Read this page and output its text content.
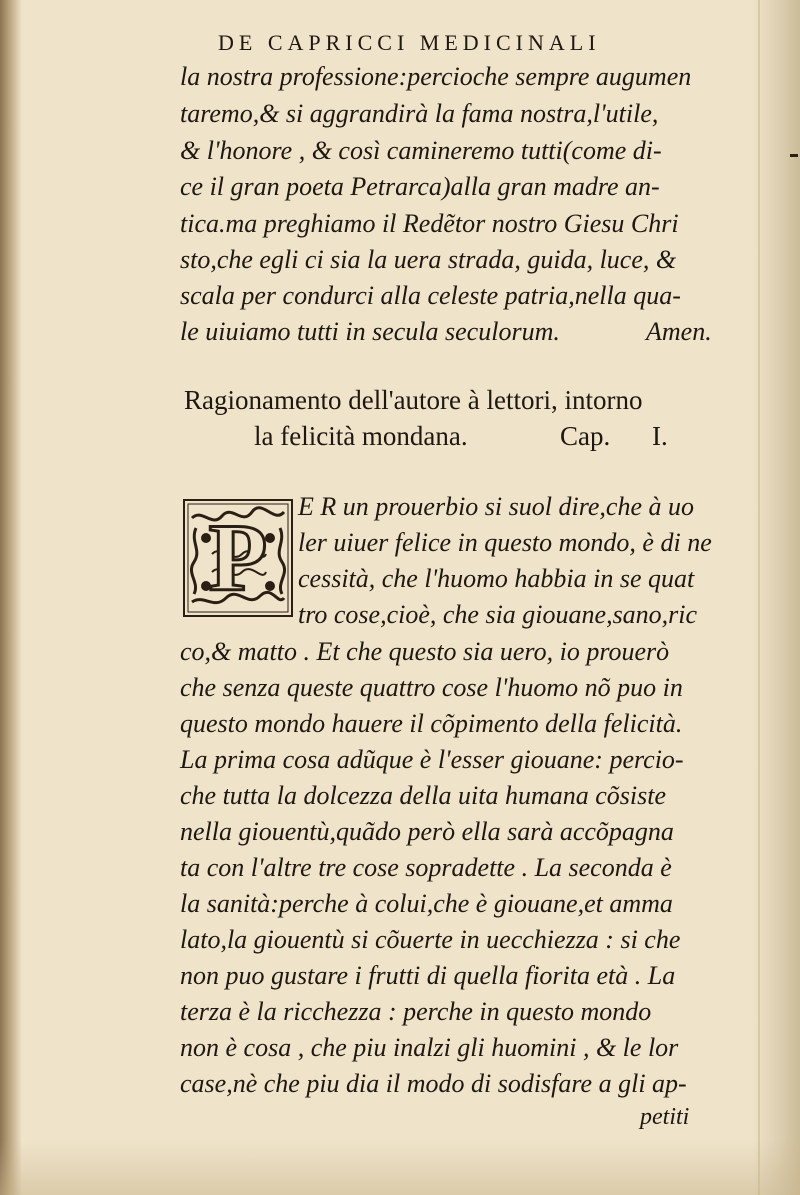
DE CAPRICCI MEDICINALI
la nostra professione:percioche sempre augumen
taremo,& si aggrandirà la fama nostra,l'utile,
& l'honore , & così camineremo tutti(come di-
ce il gran poeta Petrarca)alla gran madre an-
tica.ma preghiamo il Redẽtor nostro Giesu Chri
sto,che egli ci sia la uera strada, guida, luce, &
scala per condurci alla celeste patria,nella qua-
le uiuiamo tutti in secula seculorum.	Amen.
Ragionamento dell'autore à lettori, intorno
la felicità mondana.	Cap. I.
P E R un prouerbio si suol dire,che à uo
ler uiuer felice in questo mondo, è di ne
cessità, che l'huomo habbia in se quat
tro cose,cioè, che sia giouane,sano,ric
co,& matto . Et che questo sia uero, io prouerò
che senza queste quattro cose l'huomo nõ puo in
questo mondo hauere il cõpimento della felicità.
La prima cosa adũque è l'esser giouane: percio-
che tutta la dolcezza della uita humana cõsiste
nella giouentù,quãdo però ella sarà accõpagna
ta con l'altre tre cose sopradette . La seconda è
la sanità:perche à colui,che è giouane,et amma
lato,la giouentù si cõuerte in uecchiezza : si che
non puo gustare i frutti di quella fiorita età . La
terza è la ricchezza : perche in questo mondo
non è cosa , che piu inalzi gli huomini , & le lor
case,nè che piu dia il modo di sodisfare a gli ap-
petiti
